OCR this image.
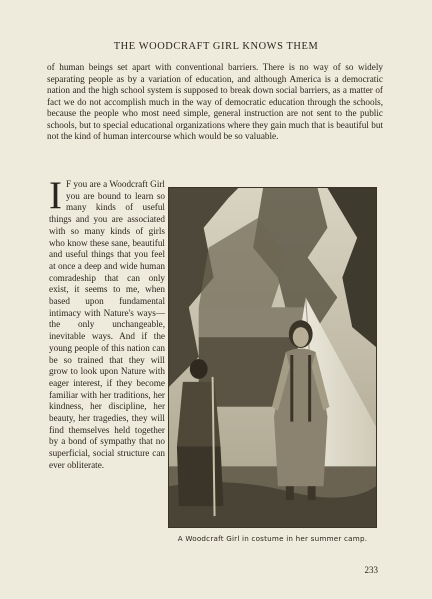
THE WOODCRAFT GIRL KNOWS THEM
of human beings set apart with conventional barriers. There is no way of so widely separating people as by a variation of education, and although America is a democratic nation and the high school system is supposed to break down social barriers, as a matter of fact we do not accomplish much in the way of democratic education through the schools, because the people who most need simple, general instruction are not sent to the public schools, but to special educational organizations where they gain much that is beautiful but not the kind of human intercourse which would be so valuable.
I F you are a Woodcraft Girl you are bound to learn so many kinds of useful things and you are associated with so many kinds of girls who know these sane, beautiful and useful things that you feel at once a deep and wide human comradeship that can only exist, it seems to me, when based upon fundamental intimacy with Nature's ways—the only unchangeable, inevitable ways. And if the young people of this nation can be so trained that they will grow to look upon Nature with eager interest, if they become familiar with her traditions, her kindness, her discipline, her beauty, her tragedies, they will find themselves held together by a bond of sympathy that no superficial, social structure can ever obliterate.
A Woodcraft Girl in costume in her summer camp.
233
